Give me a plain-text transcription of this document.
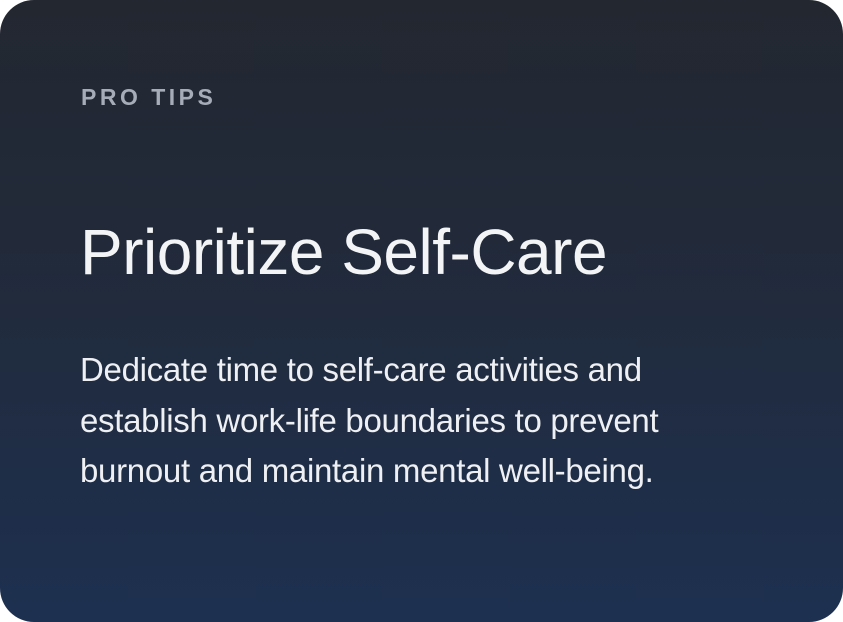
PRO TIPS

Prioritize Self-Care

Dedicate time to self-care activities and establish work-life boundaries to prevent burnout and maintain mental well-being.
